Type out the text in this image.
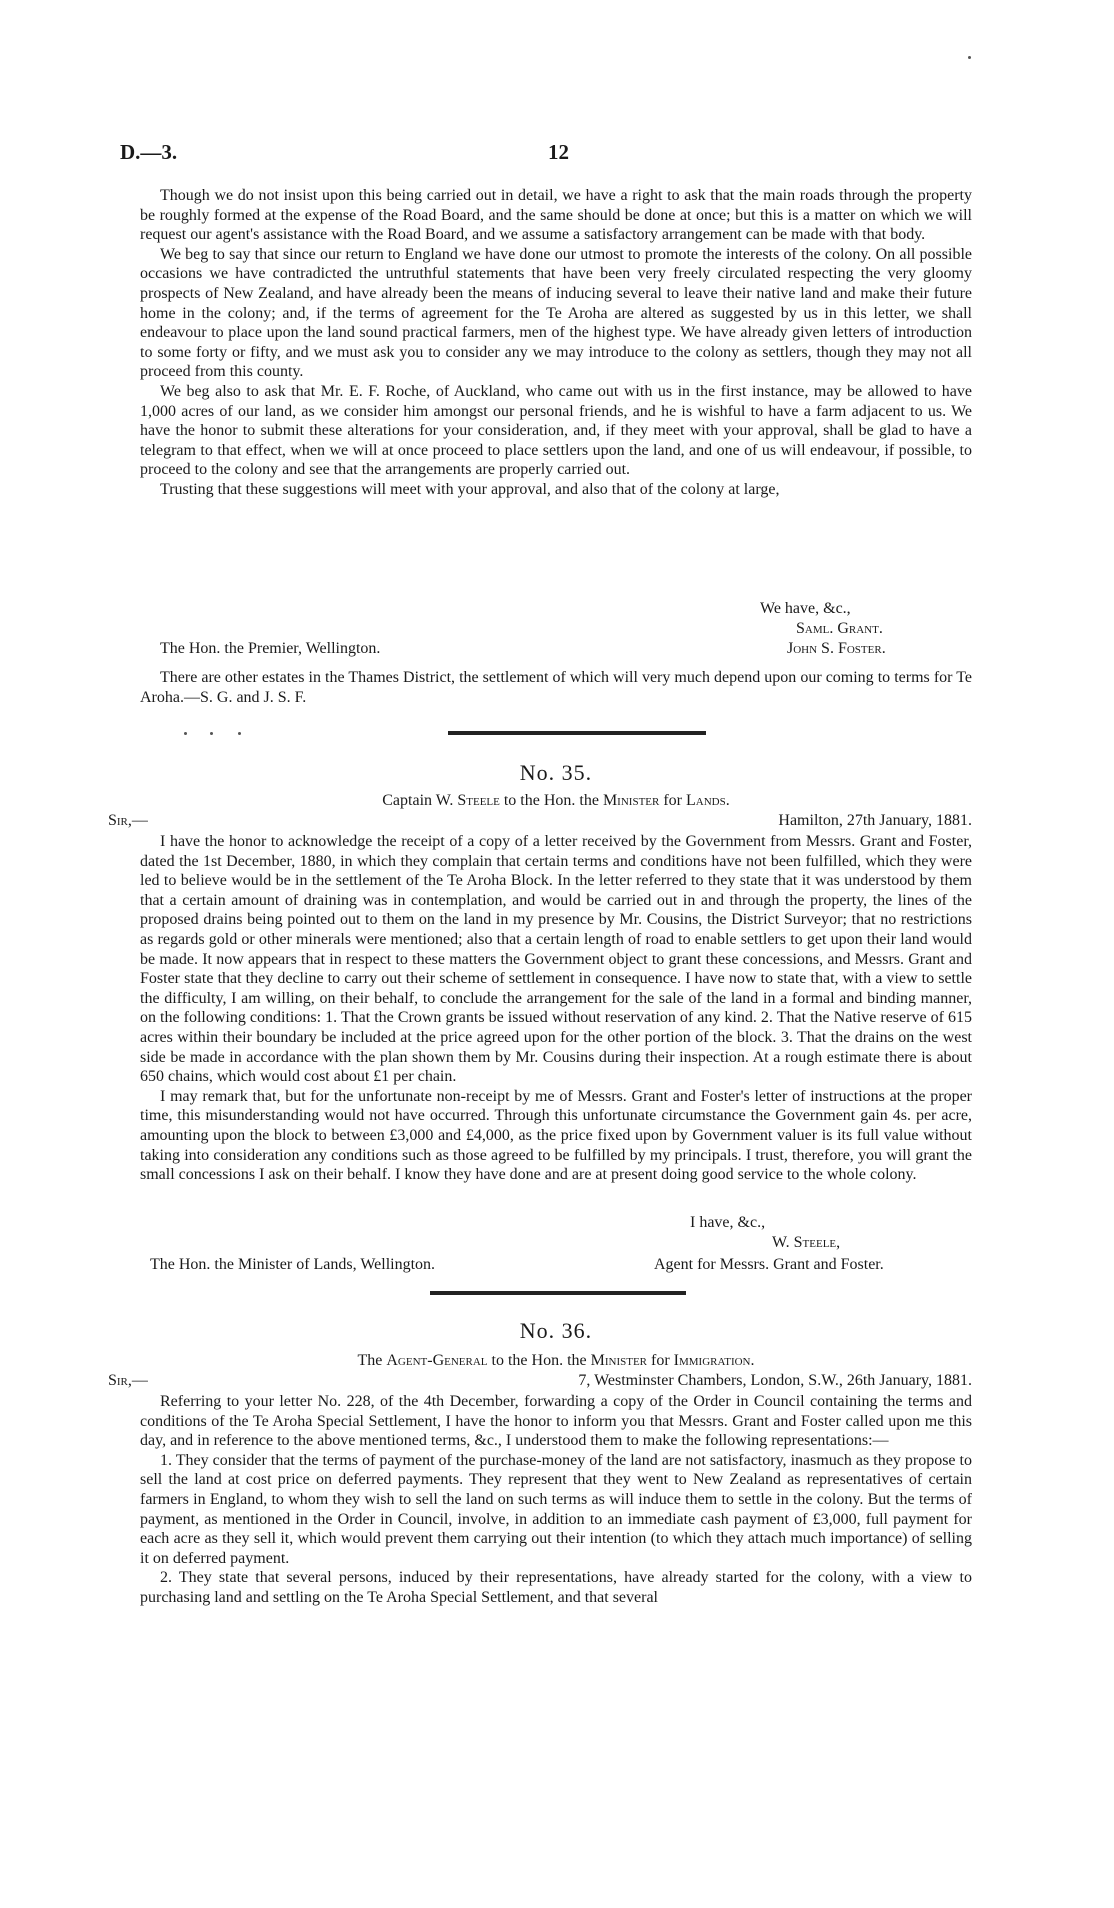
D.—3.	12

Though we do not insist upon this being carried out in detail, we have a right to ask that the main roads through the property be roughly formed at the expense of the Road Board, and the same should be done at once; but this is a matter on which we will request our agent's assistance with the Road Board, and we assume a satisfactory arrangement can be made with that body.

We beg to say that since our return to England we have done our utmost to promote the interests of the colony. On all possible occasions we have contradicted the untruthful statements that have been very freely circulated respecting the very gloomy prospects of New Zealand, and have already been the means of inducing several to leave their native land and make their future home in the colony; and, if the terms of agreement for the Te Aroha are altered as suggested by us in this letter, we shall endeavour to place upon the land sound practical farmers, men of the highest type. We have already given letters of introduction to some forty or fifty, and we must ask you to consider any we may introduce to the colony as settlers, though they may not all proceed from this county.

We beg also to ask that Mr. E. F. Roche, of Auckland, who came out with us in the first instance, may be allowed to have 1,000 acres of our land, as we consider him amongst our personal friends, and he is wishful to have a farm adjacent to us. We have the honor to submit these alterations for your consideration, and, if they meet with your approval, shall be glad to have a telegram to that effect, when we will at once proceed to place settlers upon the land, and one of us will endeavour, if possible, to proceed to the colony and see that the arrangements are properly carried out.

Trusting that these suggestions will meet with your approval, and also that of the colony at large,

We have, &c.,
Saml. Grant.
The Hon. the Premier, Wellington.	John S. Foster.

There are other estates in the Thames District, the settlement of which will very much depend upon our coming to terms for Te Aroha.—S. G. and J. S. F.

No. 35.
Captain W. Steele to the Hon. the Minister for Lands.
Sir,—	Hamilton, 27th January, 1881.

I have the honor to acknowledge the receipt of a copy of a letter received by the Government from Messrs. Grant and Foster, dated the 1st December, 1880, in which they complain that certain terms and conditions have not been fulfilled, which they were led to believe would be in the settlement of the Te Aroha Block. In the letter referred to they state that it was understood by them that a certain amount of draining was in contemplation, and would be carried out in and through the property, the lines of the proposed drains being pointed out to them on the land in my presence by Mr. Cousins, the District Surveyor; that no restrictions as regards gold or other minerals were mentioned; also that a certain length of road to enable settlers to get upon their land would be made. It now appears that in respect to these matters the Government object to grant these concessions, and Messrs. Grant and Foster state that they decline to carry out their scheme of settlement in consequence. I have now to state that, with a view to settle the difficulty, I am willing, on their behalf, to conclude the arrangement for the sale of the land in a formal and binding manner, on the following conditions: 1. That the Crown grants be issued without reservation of any kind. 2. That the Native reserve of 615 acres within their boundary be included at the price agreed upon for the other portion of the block. 3. That the drains on the west side be made in accordance with the plan shown them by Mr. Cousins during their inspection. At a rough estimate there is about 650 chains, which would cost about £1 per chain.

I may remark that, but for the unfortunate non-receipt by me of Messrs. Grant and Foster's letter of instructions at the proper time, this misunderstanding would not have occurred. Through this unfortunate circumstance the Government gain 4s. per acre, amounting upon the block to between £3,000 and £4,000, as the price fixed upon by Government valuer is its full value without taking into consideration any conditions such as those agreed to be fulfilled by my principals. I trust, therefore, you will grant the small concessions I ask on their behalf. I know they have done and are at present doing good service to the whole colony.

I have, &c.,
W. Steele,
The Hon. the Minister of Lands, Wellington.	Agent for Messrs. Grant and Foster.
No. 36.
The Agent-General to the Hon. the Minister for Immigration.
Sir,—	7, Westminster Chambers, London, S.W., 26th January, 1881.

Referring to your letter No. 228, of the 4th December, forwarding a copy of the Order in Council containing the terms and conditions of the Te Aroha Special Settlement, I have the honor to inform you that Messrs. Grant and Foster called upon me this day, and in reference to the above mentioned terms, &c., I understood them to make the following representations:—

1. They consider that the terms of payment of the purchase-money of the land are not satisfactory, inasmuch as they propose to sell the land at cost price on deferred payments. They represent that they went to New Zealand as representatives of certain farmers in England, to whom they wish to sell the land on such terms as will induce them to settle in the colony. But the terms of payment, as mentioned in the Order in Council, involve, in addition to an immediate cash payment of £3,000, full payment for each acre as they sell it, which would prevent them carrying out their intention (to which they attach much importance) of selling it on deferred payment.

2. They state that several persons, induced by their representations, have already started for the colony, with a view to purchasing land and settling on the Te Aroha Special Settlement, and that several
